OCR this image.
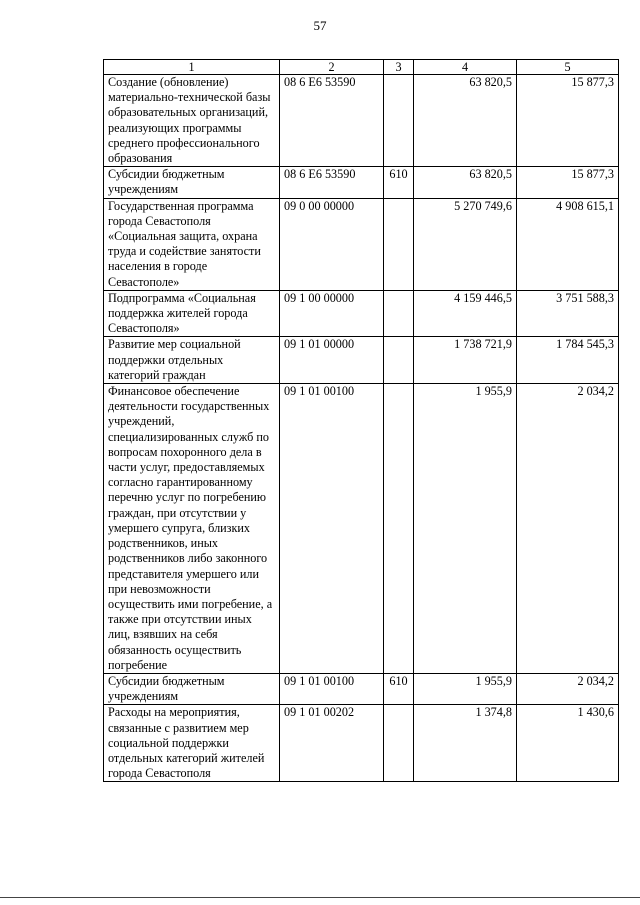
57
1	2	3	4	5
Создание (обновление) материально-технической базы образовательных организаций, реализующих программы среднего профессионального образования	08 6 E6 53590		63 820,5	15 877,3
Субсидии бюджетным учреждениям	08 6 E6 53590	610	63 820,5	15 877,3
Государственная программа города Севастополя «Социальная защита, охрана труда и содействие занятости населения в городе Севастополе»	09 0 00 00000		5 270 749,6	4 908 615,1
Подпрограмма «Социальная поддержка жителей города Севастополя»	09 1 00 00000		4 159 446,5	3 751 588,3
Развитие мер социальной поддержки отдельных категорий граждан	09 1 01 00000		1 738 721,9	1 784 545,3
Финансовое обеспечение деятельности государственных учреждений, специализированных служб по вопросам похоронного дела в части услуг, предоставляемых согласно гарантированному перечню услуг по погребению граждан, при отсутствии у умершего супруга, близких родственников, иных родственников либо законного представителя умершего или при невозможности осуществить ими погребение, а также при отсутствии иных лиц, взявших на себя обязанность осуществить погребение	09 1 01 00100		1 955,9	2 034,2
Субсидии бюджетным учреждениям	09 1 01 00100	610	1 955,9	2 034,2
Расходы на мероприятия, связанные с развитием мер социальной поддержки отдельных категорий жителей города Севастополя	09 1 01 00202		1 374,8	1 430,6
